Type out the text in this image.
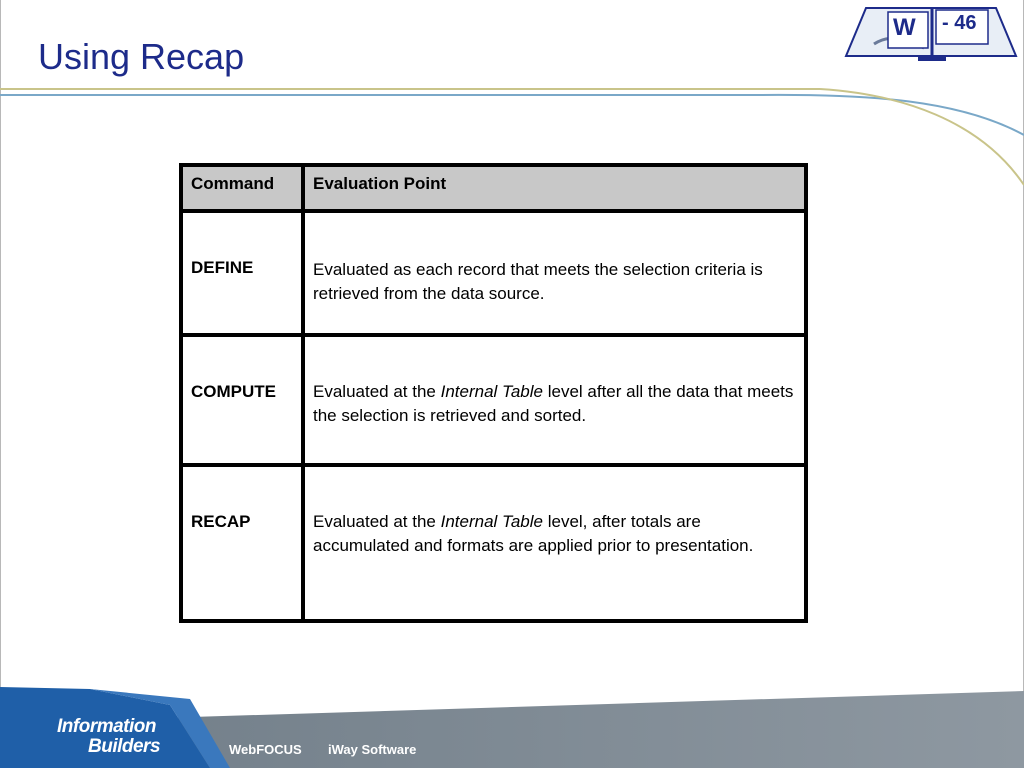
Using Recap
W - 46
Command	Evaluation Point

DEFINE	Evaluated as each record that meets the selection criteria is retrieved from the data source.

COMPUTE	Evaluated at the Internal Table level after all the data that meets the selection is retrieved and sorted.

RECAP	Evaluated at the Internal Table level, after totals are accumulated and formats are applied prior to presentation.
Information
Builders	WebFOCUS iWay Software
